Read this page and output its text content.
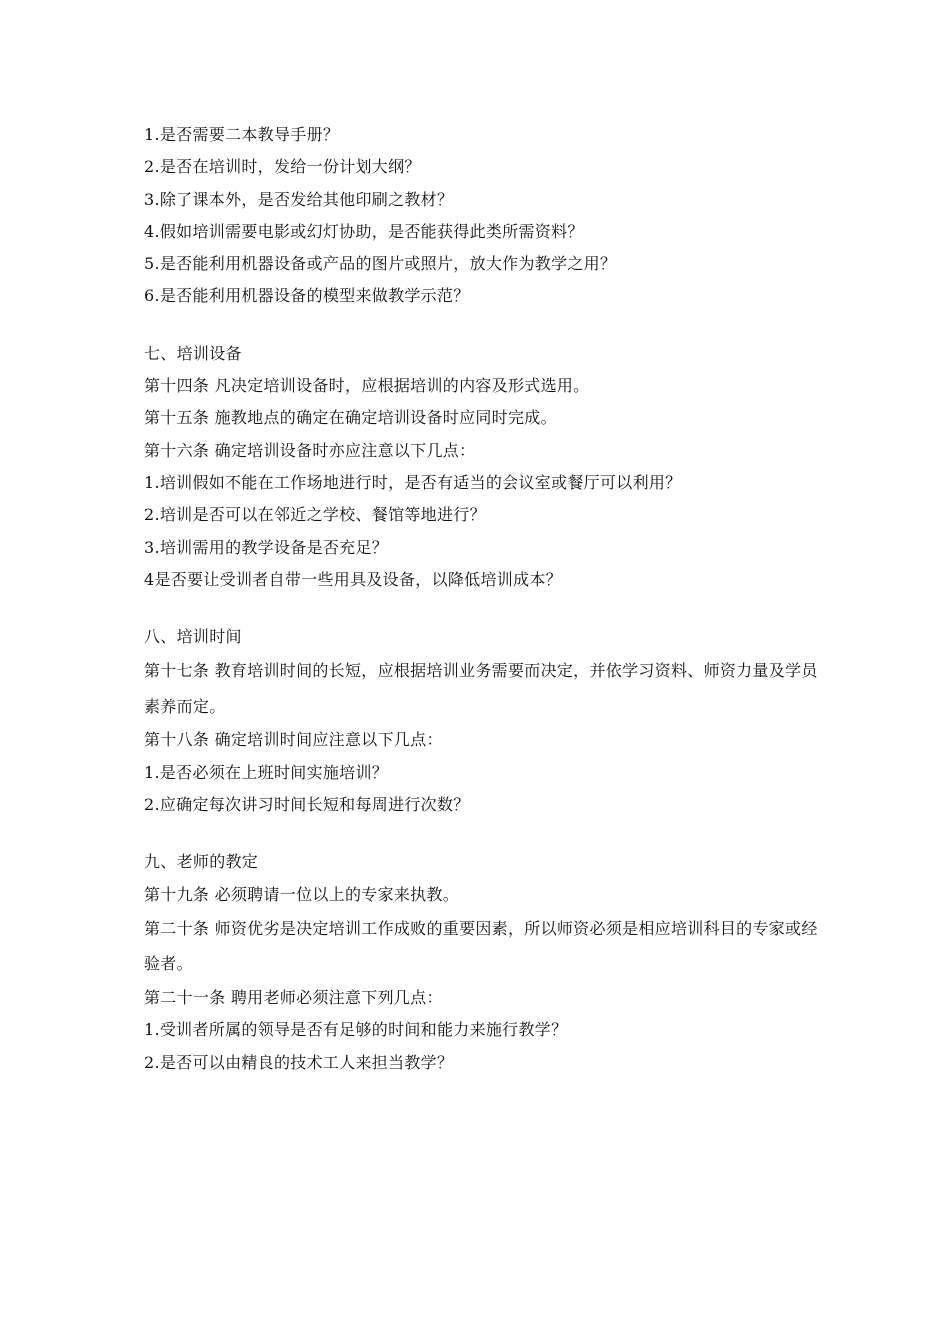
1.是否需要二本教导手册？
2.是否在培训时，发给一份计划大纲？
3.除了课本外，是否发给其他印刷之教材？
4.假如培训需要电影或幻灯协助，是否能获得此类所需资料？
5.是否能利用机器设备或产品的图片或照片，放大作为教学之用？
6.是否能利用机器设备的模型来做教学示范？
七、培训设备
第十四条 凡决定培训设备时，应根据培训的内容及形式选用。
第十五条 施教地点的确定在确定培训设备时应同时完成。
第十六条 确定培训设备时亦应注意以下几点：
1.培训假如不能在工作场地进行时，是否有适当的会议室或餐厅可以利用？
2.培训是否可以在邻近之学校、餐馆等地进行？
3.培训需用的教学设备是否充足？
4是否要让受训者自带一些用具及设备，以降低培训成本？
八、培训时间
第十七条 教育培训时间的长短，应根据培训业务需要而决定，并依学习资料、师资力量及学员素养而定。
第十八条 确定培训时间应注意以下几点：
1.是否必须在上班时间实施培训？
2.应确定每次讲习时间长短和每周进行次数？
九、老师的教定
第十九条 必须聘请一位以上的专家来执教。
第二十条 师资优劣是决定培训工作成败的重要因素，所以师资必须是相应培训科目的专家或经验者。
第二十一条 聘用老师必须注意下列几点：
1.受训者所属的领导是否有足够的时间和能力来施行教学？
2.是否可以由精良的技术工人来担当教学？
